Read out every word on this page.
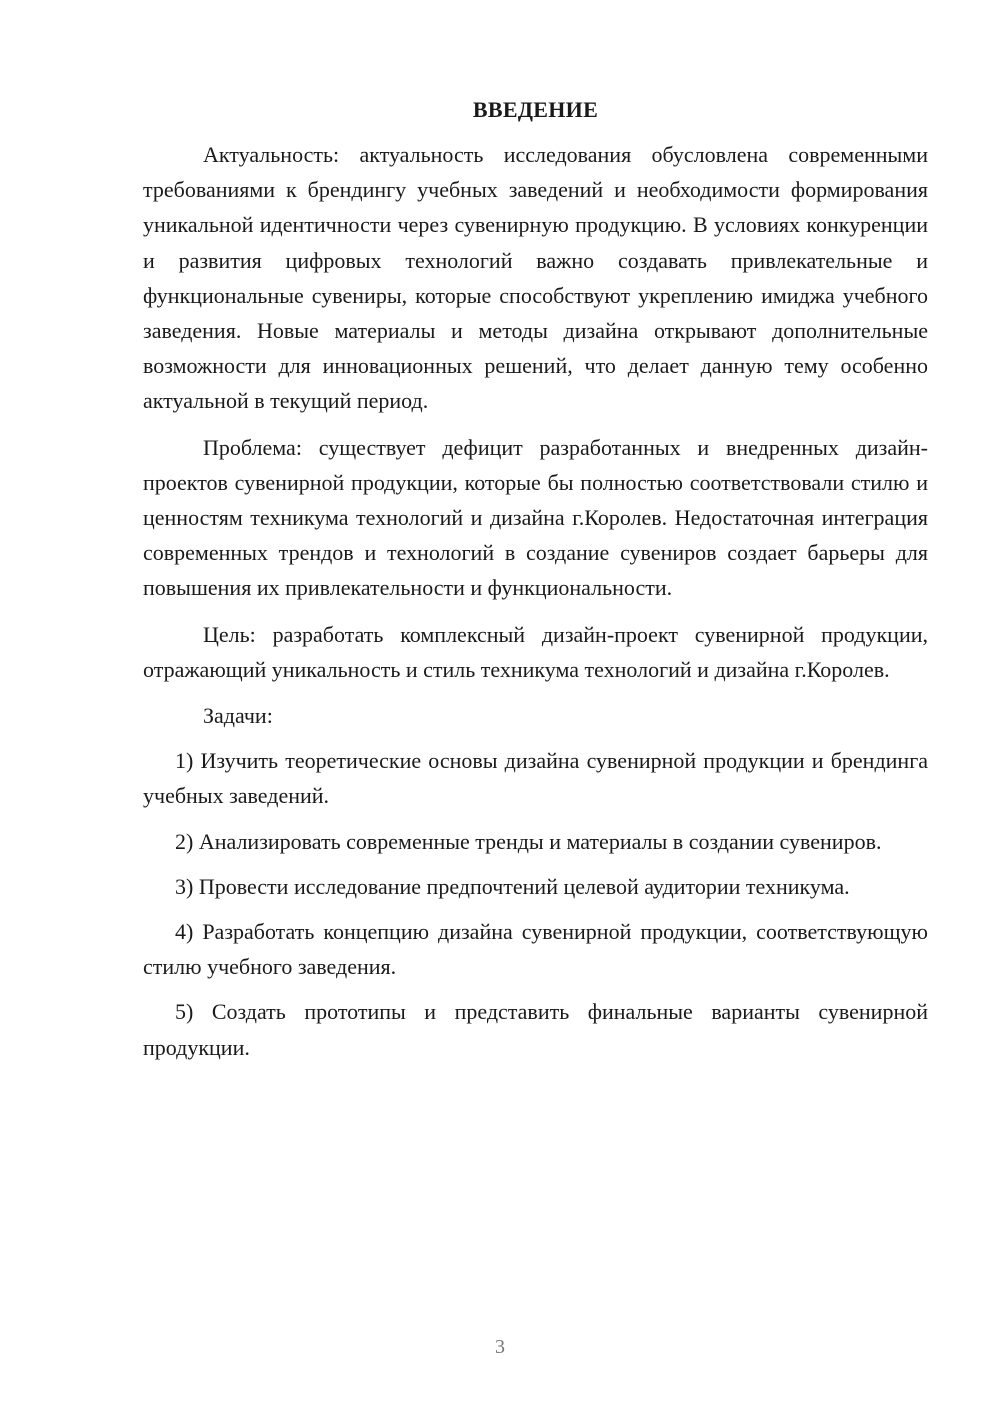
ВВЕДЕНИЕ

Актуальность: актуальность исследования обусловлена современными требованиями к брендингу учебных заведений и необходимости формирования уникальной идентичности через сувенирную продукцию. В условиях конкуренции и развития цифровых технологий важно создавать привлекательные и функциональные сувениры, которые способствуют укреплению имиджа учебного заведения. Новые материалы и методы дизайна открывают дополнительные возможности для инновационных решений, что делает данную тему особенно актуальной в текущий период.

Проблема: существует дефицит разработанных и внедренных дизайн-проектов сувенирной продукции, которые бы полностью соответствовали стилю и ценностям техникума технологий и дизайна г.Королев. Недостаточная интеграция современных трендов и технологий в создание сувениров создает барьеры для повышения их привлекательности и функциональности.

Цель: разработать комплексный дизайн-проект сувенирной продукции, отражающий уникальность и стиль техникума технологий и дизайна г.Королев.

Задачи:

1) Изучить теоретические основы дизайна сувенирной продукции и брендинга учебных заведений.

2) Анализировать современные тренды и материалы в создании сувениров.

3) Провести исследование предпочтений целевой аудитории техникума.

4) Разработать концепцию дизайна сувенирной продукции, соответствующую стилю учебного заведения.

5) Создать прототипы и представить финальные варианты сувенирной продукции.

3
